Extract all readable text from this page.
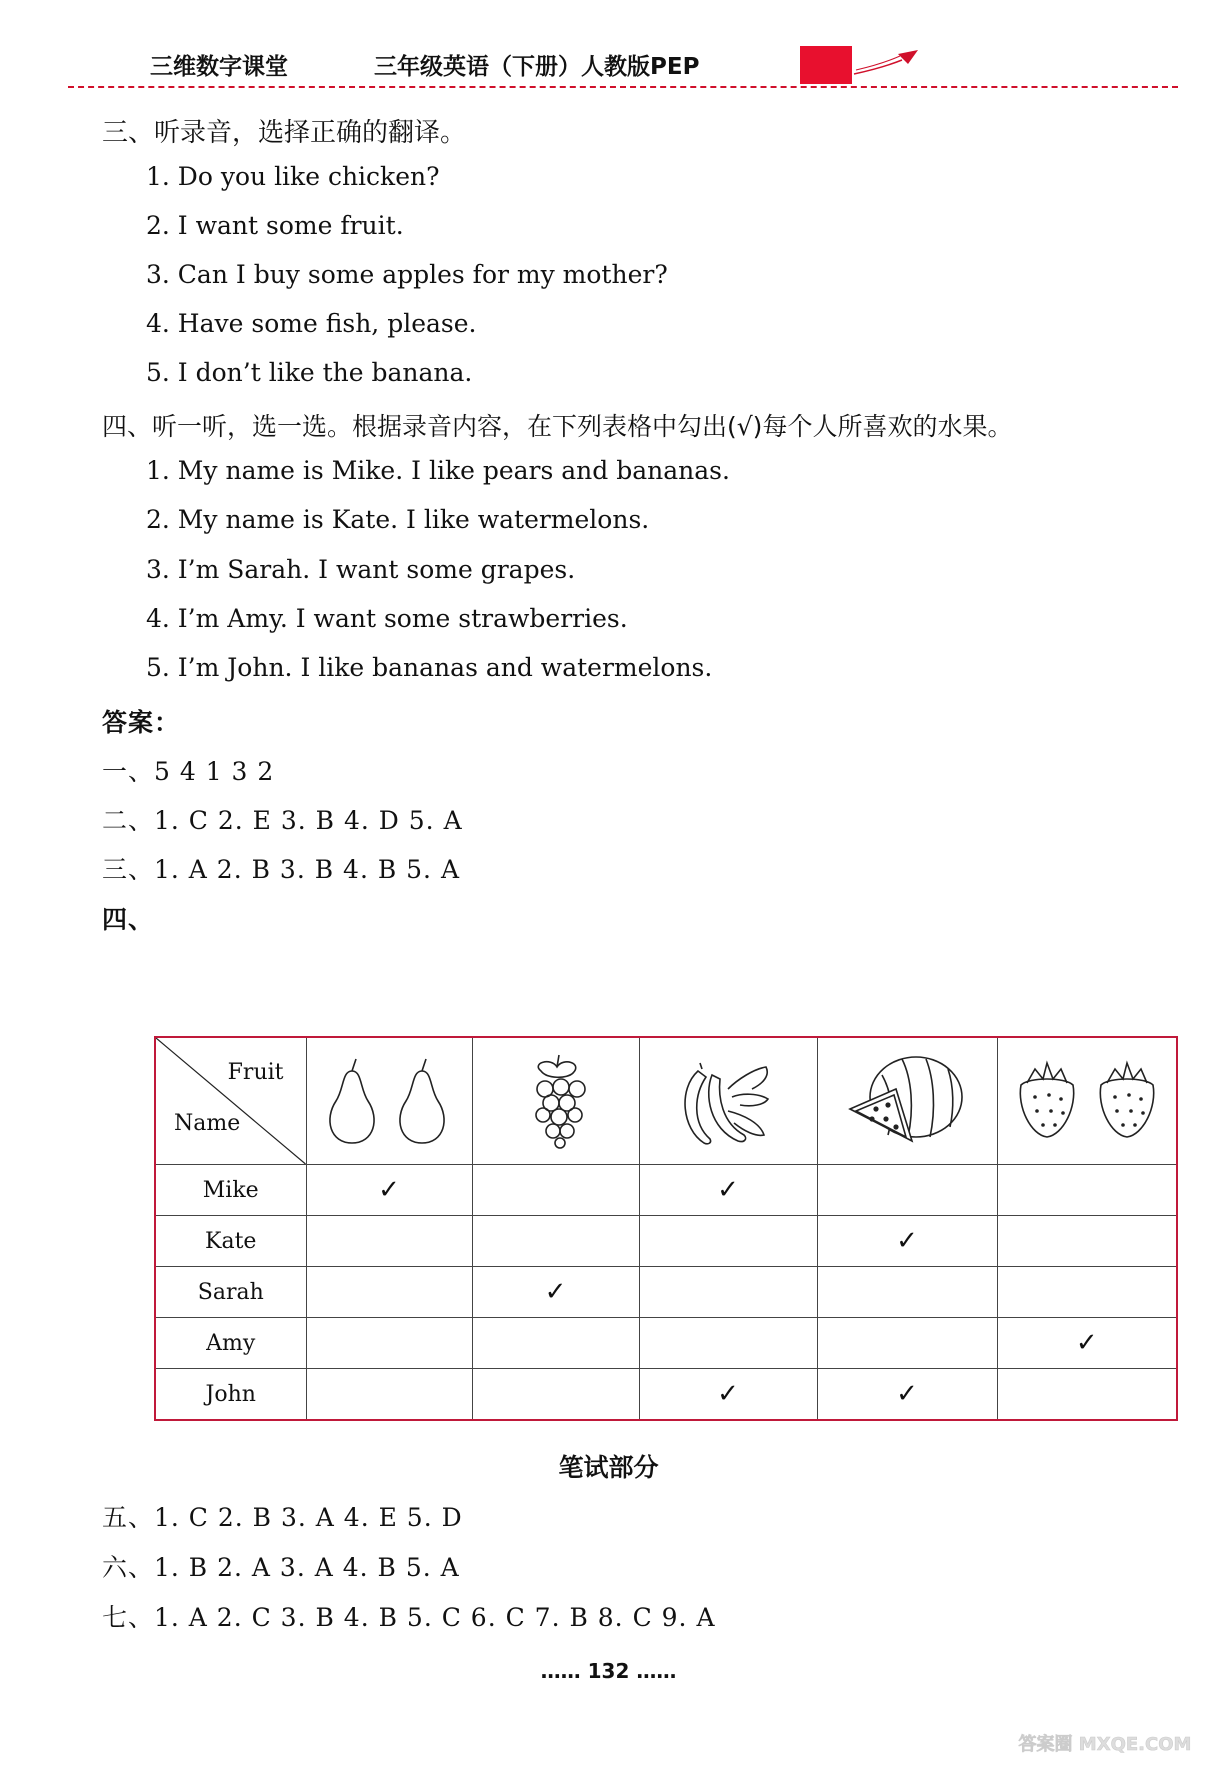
三维数字课堂	三年级英语（下册）人教版PEP
三、听录音，选择正确的翻译。
1. Do you like chicken?
2. I want some fruit.
3. Can I buy some apples for my mother?
4. Have some fish, please.
5. I don’t like the banana.
四、听一听，选一选。根据录音内容，在下列表格中勾出(√)每个人所喜欢的水果。
1. My name is Mike. I like pears and bananas.
2. My name is Kate. I like watermelons.
3. I’m Sarah. I want some grapes.
4. I’m Amy. I want some strawberries.
5. I’m John. I like bananas and watermelons.
答案：
一、5 4 1 3 2
二、1. C 2. E 3. B 4. D 5. A
三、1. A 2. B 3. B 4. B 5. A
四、
Fruit
Name

Mike	✓		✓		
Kate				✓	
Sarah		✓			
Amy					✓
John			✓	✓	
笔试部分
五、1. C 2. B 3. A 4. E 5. D
六、1. B 2. A 3. A 4. B 5. A
七、1. A 2. C 3. B 4. B 5. C 6. C 7. B 8. C 9. A
…… 132 ……
答案圈 MXQE.COM
